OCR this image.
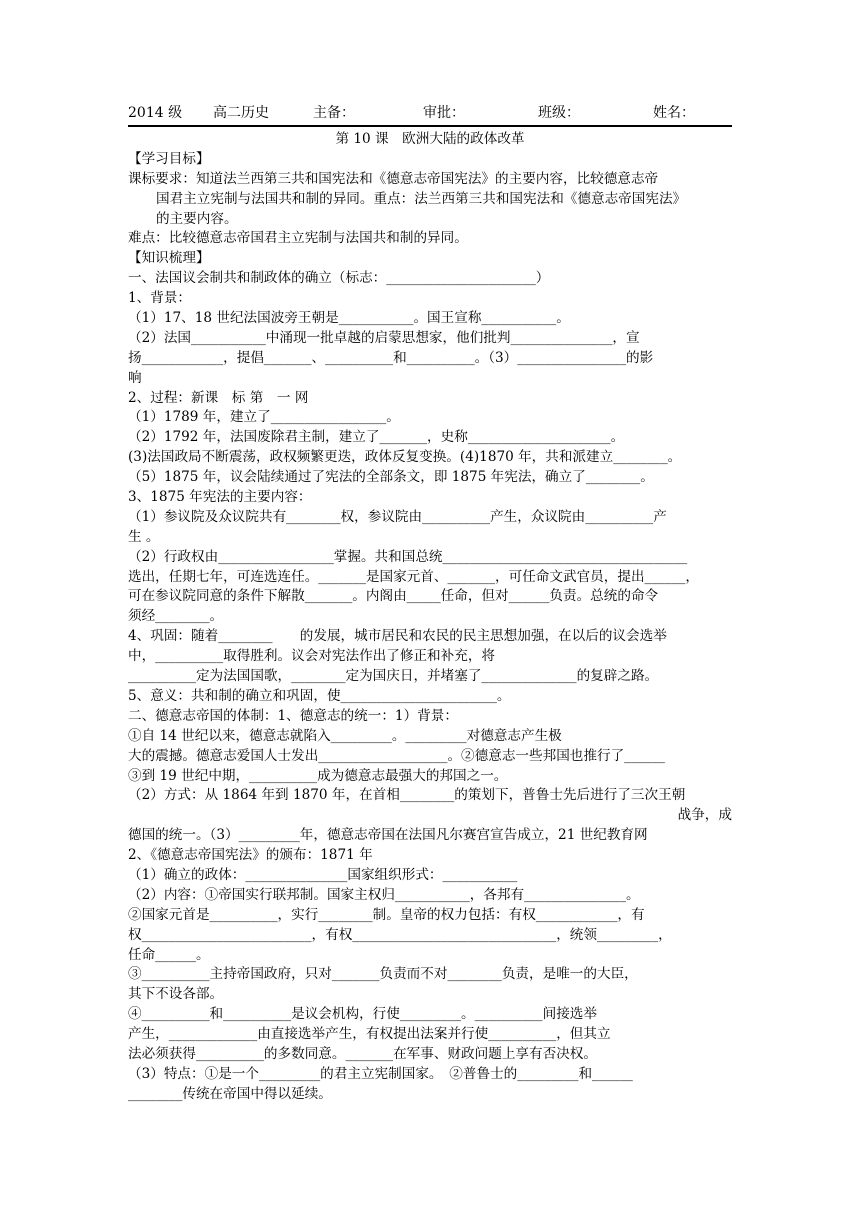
2014 级 高二历史	主备：	审批：	班级：	姓名：
第 10 课　欧洲大陆的政体改革
【学习目标】
课标要求：知道法兰西第三共和国宪法和《德意志帝国宪法》的主要内容，比较德意志帝
国君主立宪制与法国共和制的异同。重点：法兰西第三共和国宪法和《德意志帝国宪法》
的主要内容。
难点：比较德意志帝国君主立宪制与法国共和制的异同。
【知识梳理】
一、法国议会制共和制政体的确立（标志：______________________）
1、背景：
（1）17、18 世纪法国波旁王朝是___________。国王宣称___________。
（2）法国___________中涌现一批卓越的启蒙思想家，他们批判_______________，宣
扬____________，提倡_______、__________和__________。（3）________________的影
响
2、过程：新课　标 第　一 网
（1）1789 年，建立了_________________。
（2）1792 年，法国废除君主制，建立了_______，史称_____________________。
(3)法国政局不断震荡，政权频繁更迭，政体反复变换。(4)1870 年，共和派建立________。
（5）1875 年，议会陆续通过了宪法的全部条文，即 1875 年宪法，确立了________。
3、1875 年宪法的主要内容：
（1）参议院及众议院共有________权，参议院由__________产生，众议院由__________产
生 。
（2）行政权由_________________掌握。共和国总统____________________________________
选出，任期七年，可连选连任。_______是国家元首、_______，可任命文武官员，提出______，
可在参议院同意的条件下解散_______。内阁由_____任命，但对______负责。总统的命令
须经________。
4、巩固：随着________　　的发展，城市居民和农民的民主思想加强，在以后的议会选举
中，__________取得胜利。议会对宪法作出了修正和补充，将
__________定为法国国歌，________定为国庆日，并堵塞了______________的复辟之路。
5、意义：共和制的确立和巩固，使_______________________。
二、德意志帝国的体制：1、德意志的统一：1）背景：
①自 14 世纪以来，德意志就陷入_________。_________对德意志产生极
大的震撼。德意志爱国人士发出___________________。②德意志一些邦国也推行了______
③到 19 世纪中期，__________成为德意志最强大的邦国之一。
（2）方式：从 1864 年到 1870 年，在首相________的策划下，普鲁士先后进行了三次王朝
战争，成
德国的统一。（3）_________年，德意志帝国在法国凡尔赛宫宣告成立，21 世纪教育网
2、《德意志帝国宪法》的颁布：1871 年
（1）确立的政体：_______________国家组织形式：___________
（2）内容：①帝国实行联邦制。国家主权归___________，各邦有_______________。
②国家元首是__________，实行________制。皇帝的权力包括：有权____________，有
权_________________________，有权______________________________，统领_________，
任命______。
③__________主持帝国政府，只对_______负责而不对________负责，是唯一的大臣，
其下不设各部。
④__________和__________是议会机构，行使_________。__________间接选举
产生，_____________由直接选举产生，有权提出法案并行使__________，但其立
法必须获得__________的多数同意。_______在军事、财政问题上享有否决权。
（3）特点：①是一个_________的君主立宪制国家。　②普鲁士的_________和______
________传统在帝国中得以延续。
